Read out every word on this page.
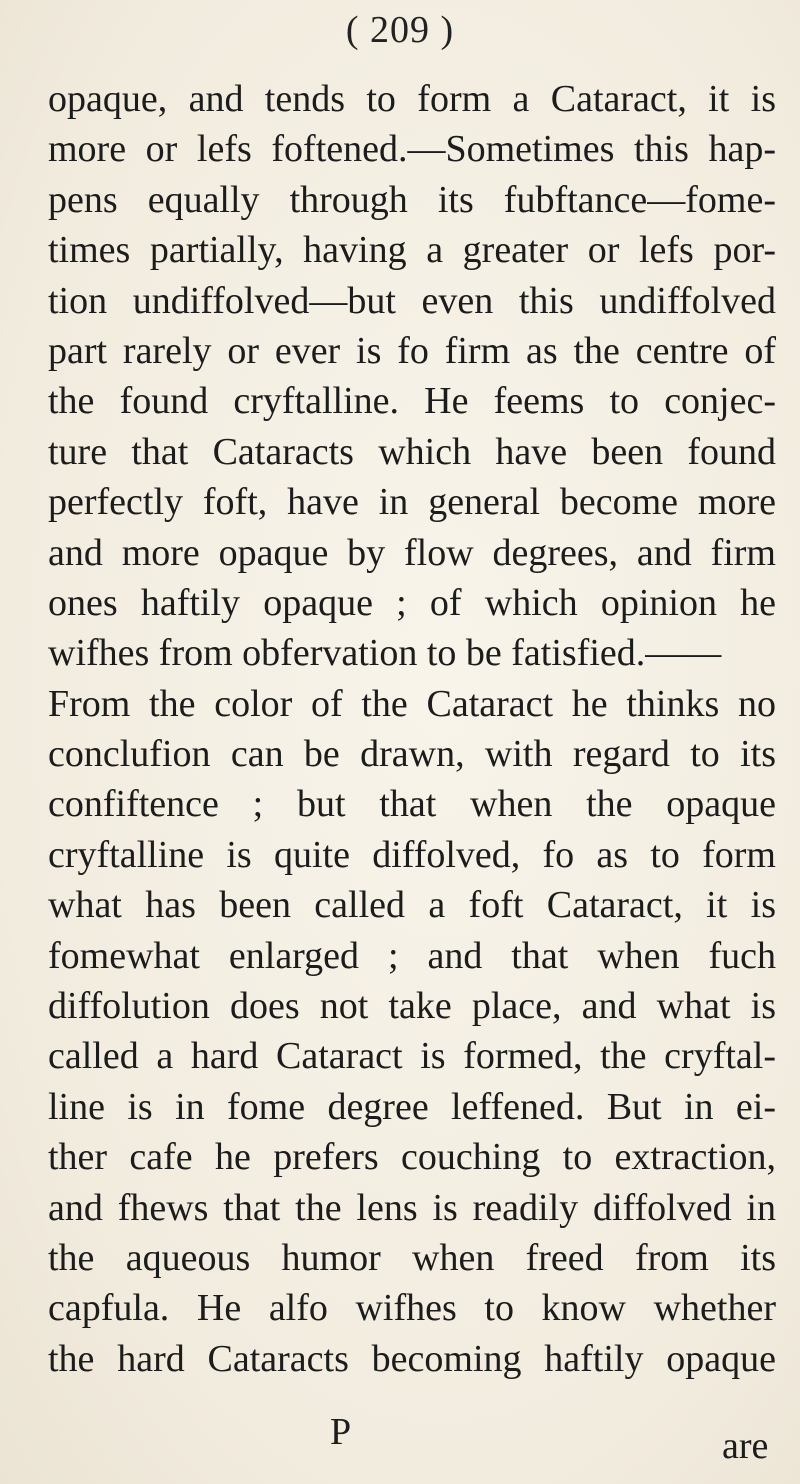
( 209 )
opaque, and tends to form a Cataract, it is
more or lefs foftened.—Sometimes this hap-
pens equally through its fubftance—fome-
times partially, having a greater or lefs por-
tion undiffolved—but even this undiffolved
part rarely or ever is fo firm as the centre of
the found cryftalline. He feems to conjec-
ture that Cataracts which have been found
perfectly foft, have in general become more
and more opaque by flow degrees, and firm
ones haftily opaque ; of which opinion he
wifhes from obfervation to be fatisfied.——
From the color of the Cataract he thinks no
conclufion can be drawn, with regard to its
confiftence ; but that when the opaque
cryftalline is quite diffolved, fo as to form
what has been called a foft Cataract, it is
fomewhat enlarged ; and that when fuch
diffolution does not take place, and what is
called a hard Cataract is formed, the cryftal-
line is in fome degree leffened. But in ei-
ther cafe he prefers couching to extraction,
and fhews that the lens is readily diffolved in
the aqueous humor when freed from its
capfula. He alfo wifhes to know whether
the hard Cataracts becoming haftily opaque
P	are
